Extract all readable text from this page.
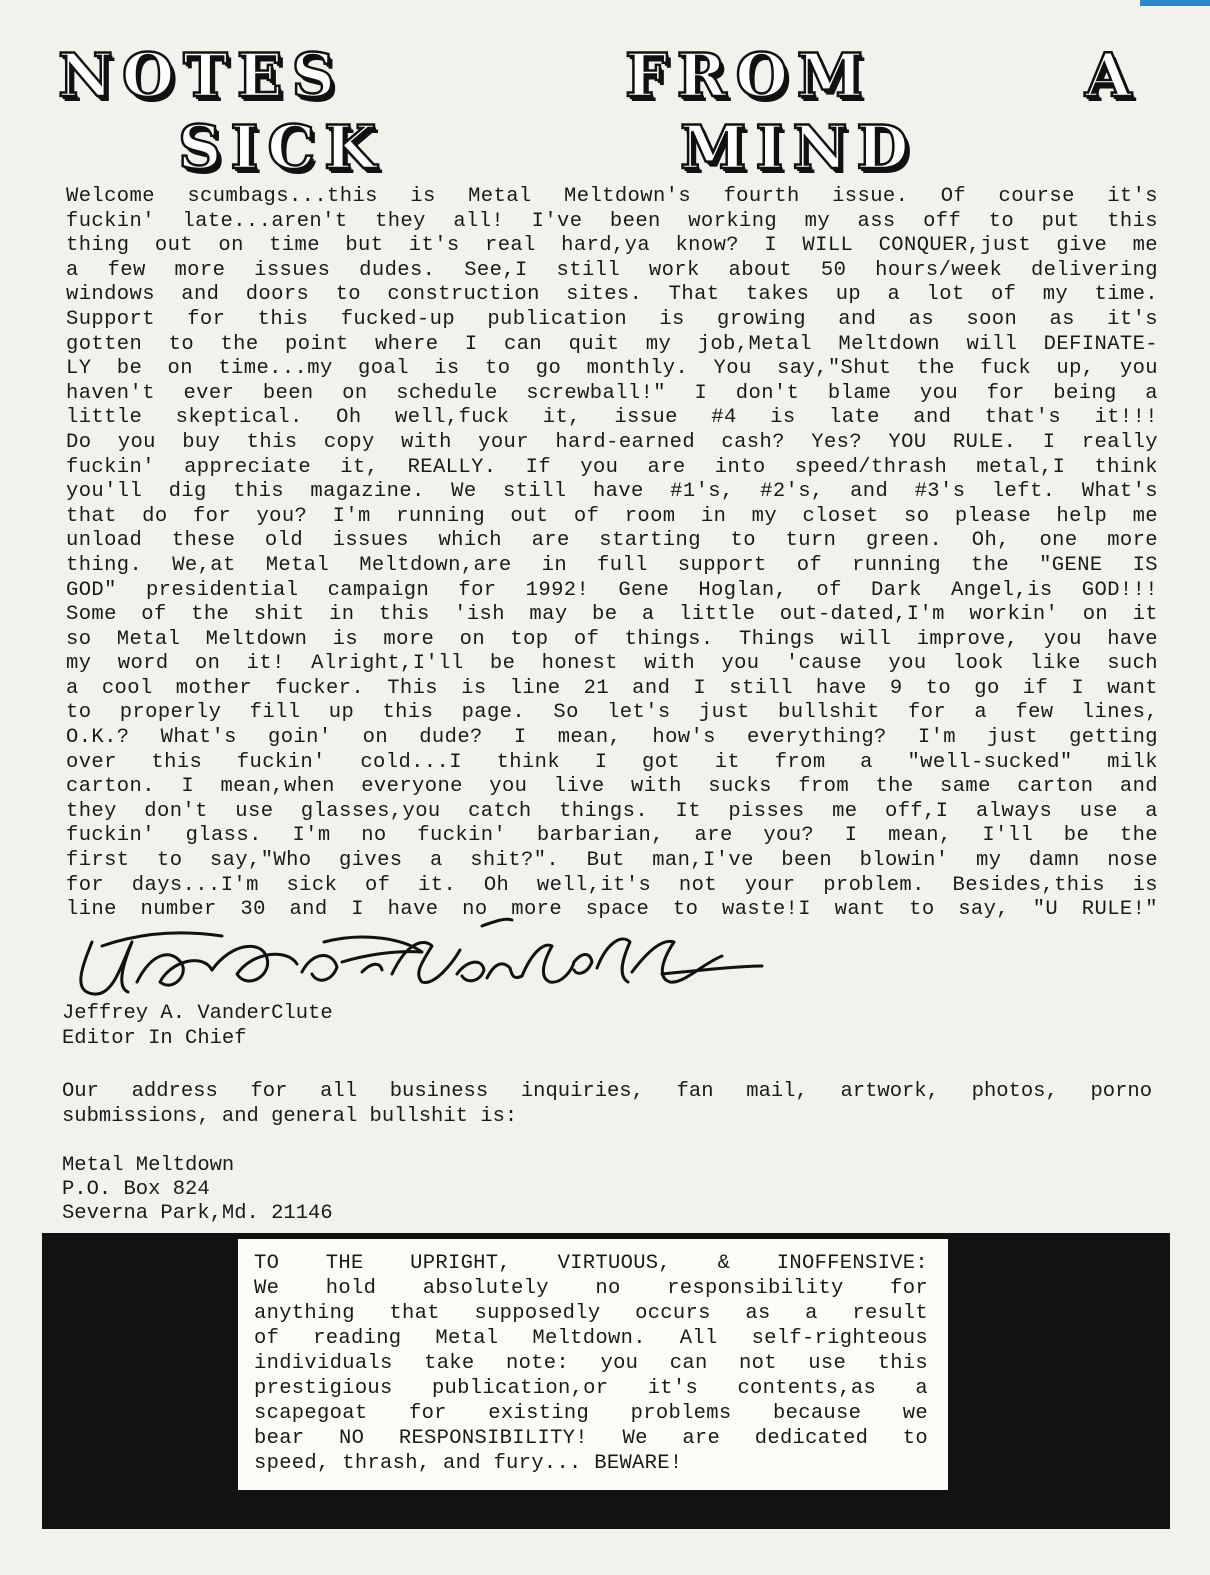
NOTES	FROM	A
SICK	MIND
Welcome scumbags...this is Metal Meltdown's fourth issue. Of course it's
fuckin' late...aren't they all! I've been working my ass off to put this
thing out on time but it's real hard,ya know? I WILL CONQUER,just give me
a few more issues dudes. See,I still work about 50 hours/week delivering
windows and doors to construction sites. That takes up a lot of my time.
Support for this fucked-up publication is growing and as soon as it's
gotten to the point where I can quit my job,Metal Meltdown will DEFINATE-
LY be on time...my goal is to go monthly. You say,"Shut the fuck up, you
haven't ever been on schedule screwball!" I don't blame you for being a
little skeptical. Oh well,fuck it, issue #4 is late and that's it!!!
Do you buy this copy with your hard-earned cash? Yes? YOU RULE. I really
fuckin' appreciate it, REALLY. If you are into speed/thrash metal,I think
you'll dig this magazine. We still have #1's, #2's, and #3's left. What's
that do for you? I'm running out of room in my closet so please help me
unload these old issues which are starting to turn green. Oh, one more
thing. We,at Metal Meltdown,are in full support of running the "GENE IS
GOD" presidential campaign for 1992! Gene Hoglan, of Dark Angel,is GOD!!!
Some of the shit in this 'ish may be a little out-dated,I'm workin' on it
so Metal Meltdown is more on top of things. Things will improve, you have
my word on it! Alright,I'll be honest with you 'cause you look like such
a cool mother fucker. This is line 21 and I still have 9 to go if I want
to properly fill up this page. So let's just bullshit for a few lines,
O.K.? What's goin' on dude? I mean, how's everything? I'm just getting
over this fuckin' cold...I think I got it from a "well-sucked" milk
carton. I mean,when everyone you live with sucks from the same carton and
they don't use glasses,you catch things. It pisses me off,I always use a
fuckin' glass. I'm no fuckin' barbarian, are you? I mean, I'll be the
first to say,"Who gives a shit?". But man,I've been blowin' my damn nose
for days...I'm sick of it. Oh well,it's not your problem. Besides,this is
line number 30 and I have no more space to waste!I want to say, "U RULE!"
Jeffrey A. VanderClute
Editor In Chief
Our address for all business inquiries, fan mail, artwork, photos, porno
submissions, and general bullshit is:
Metal Meltdown
P.O. Box 824
Severna Park,Md. 21146
TO THE UPRIGHT, VIRTUOUS, & INOFFENSIVE:
We hold absolutely no responsibility for
anything that supposedly occurs as a result
of reading Metal Meltdown. All self-righteous
individuals take note: you can not use this
prestigious publication,or it's contents,as a
scapegoat for existing problems because we
bear NO RESPONSIBILITY! We are dedicated to
speed, thrash, and fury... BEWARE!
